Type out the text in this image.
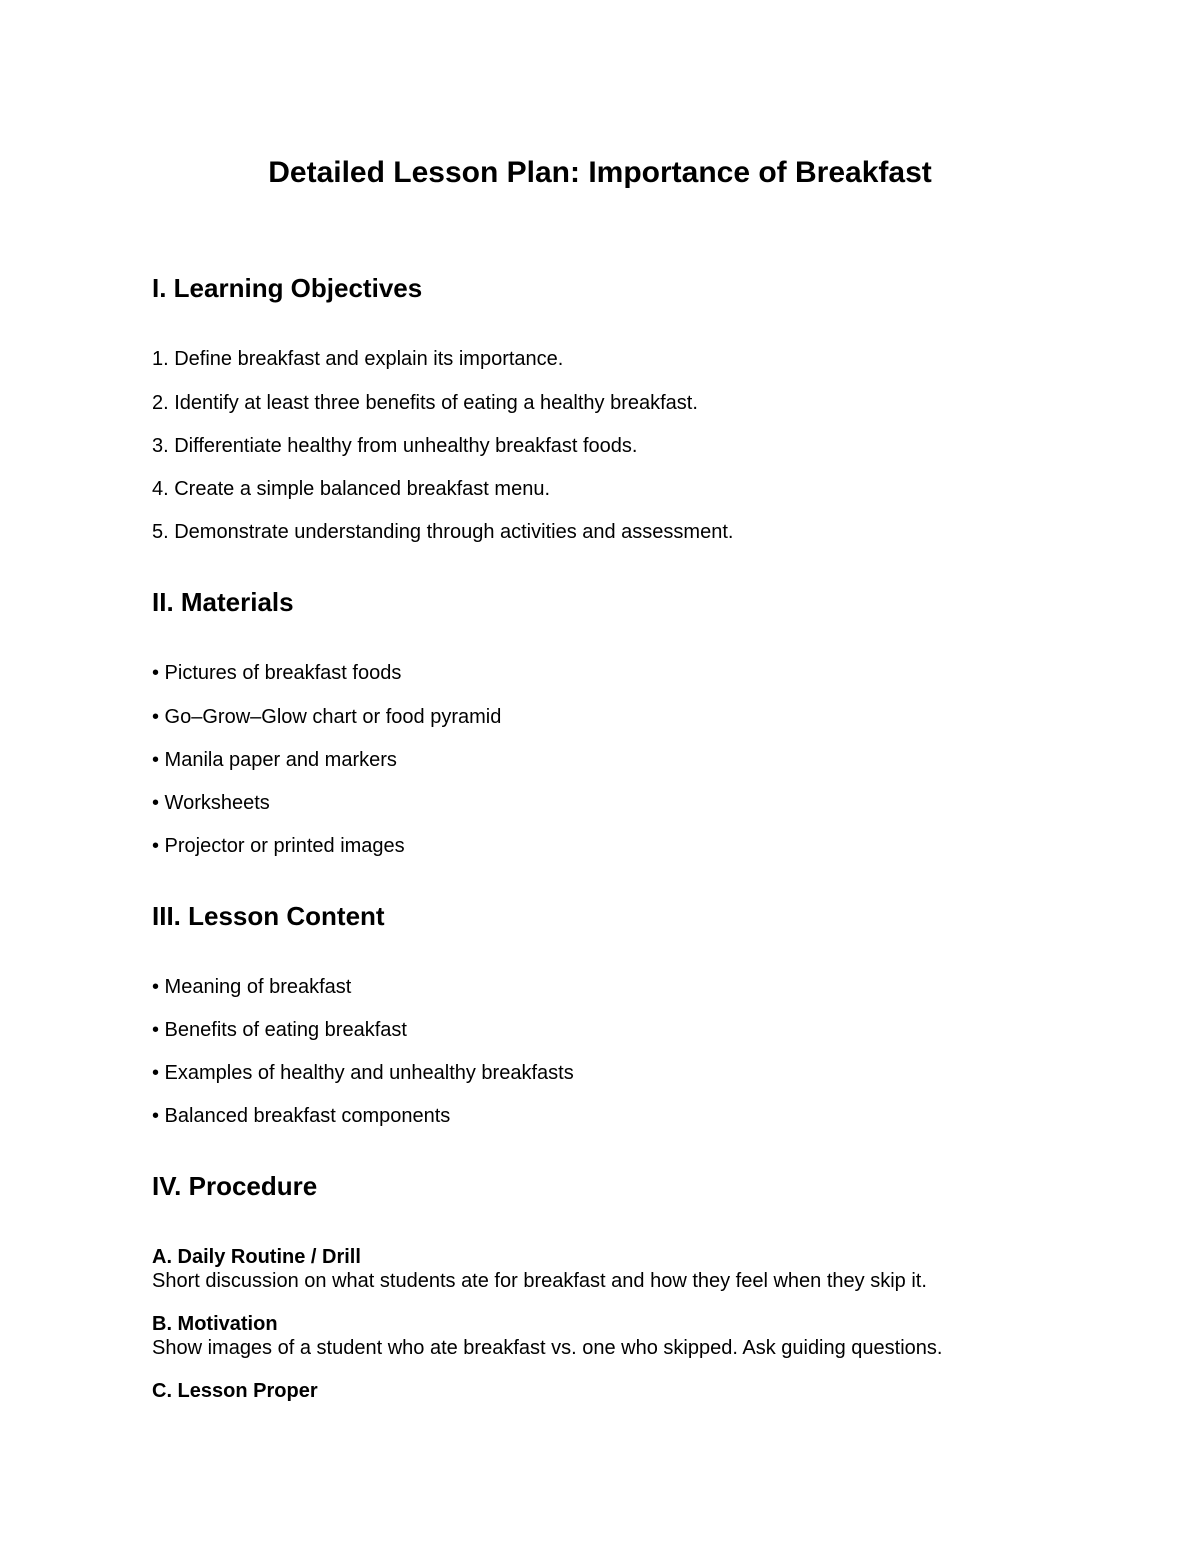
Detailed Lesson Plan: Importance of Breakfast
I. Learning Objectives

1. Define breakfast and explain its importance.

2. Identify at least three benefits of eating a healthy breakfast.

3. Differentiate healthy from unhealthy breakfast foods.

4. Create a simple balanced breakfast menu.

5. Demonstrate understanding through activities and assessment.

II. Materials

• Pictures of breakfast foods

• Go–Grow–Glow chart or food pyramid

• Manila paper and markers

• Worksheets

• Projector or printed images

III. Lesson Content

• Meaning of breakfast

• Benefits of eating breakfast

• Examples of healthy and unhealthy breakfasts

• Balanced breakfast components

IV. Procedure

A. Daily Routine / Drill

Short discussion on what students ate for breakfast and how they feel when they skip it.

B. Motivation

Show images of a student who ate breakfast vs. one who skipped. Ask guiding questions.

C. Lesson Proper
